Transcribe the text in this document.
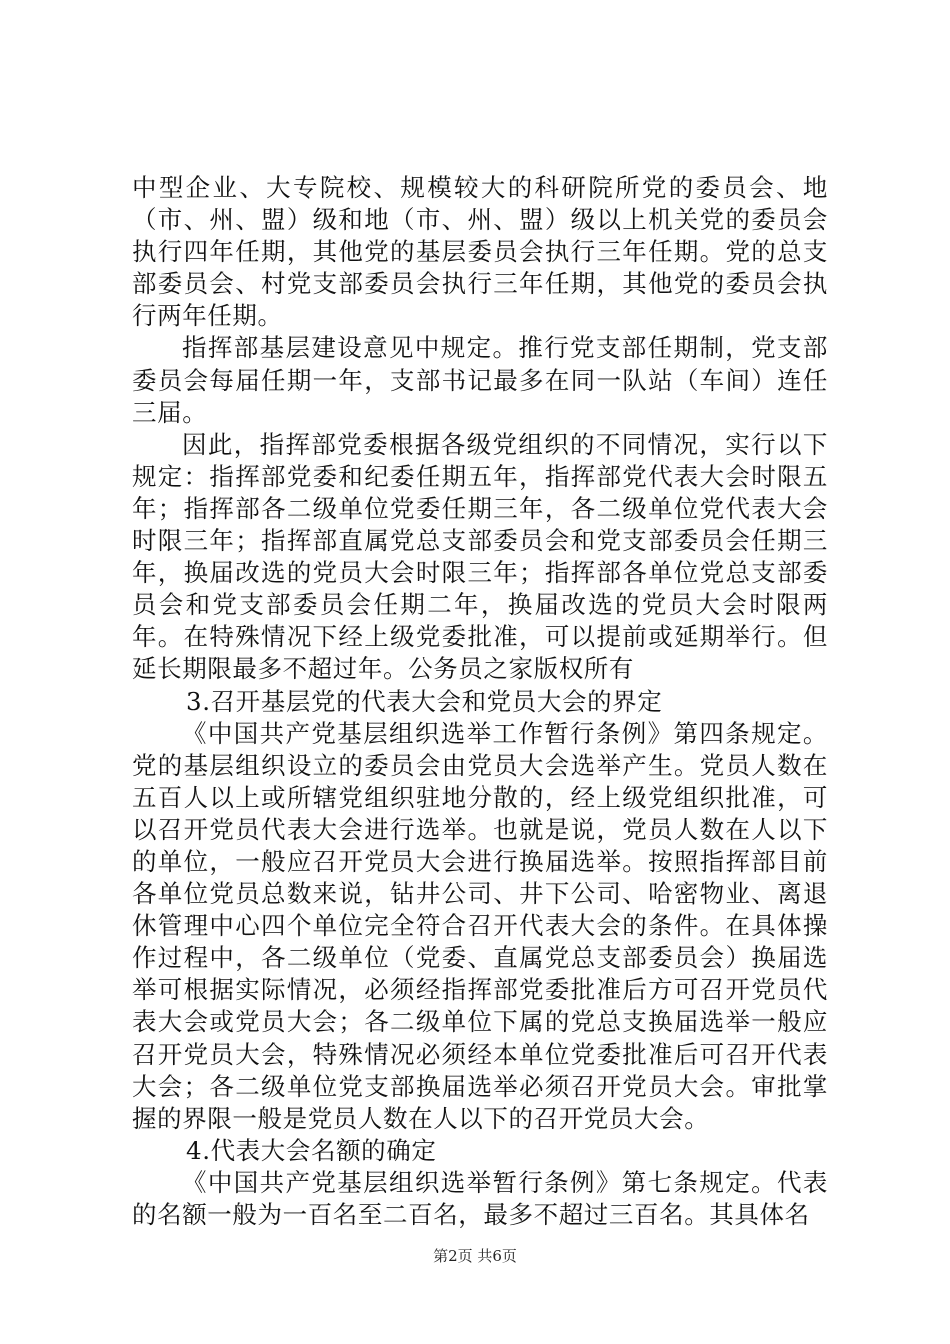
中型企业、大专院校、规模较大的科研院所党的委员会、地（市、州、盟）级和地（市、州、盟）级以上机关党的委员会执行四年任期，其他党的基层委员会执行三年任期。党的总支部委员会、村党支部委员会执行三年任期，其他党的委员会执行两年任期。

指挥部基层建设意见中规定。推行党支部任期制，党支部委员会每届任期一年，支部书记最多在同一队站（车间）连任三届。

因此，指挥部党委根据各级党组织的不同情况，实行以下规定：指挥部党委和纪委任期五年，指挥部党代表大会时限五年；指挥部各二级单位党委任期三年，各二级单位党代表大会时限三年；指挥部直属党总支部委员会和党支部委员会任期三年，换届改选的党员大会时限三年；指挥部各单位党总支部委员会和党支部委员会任期二年，换届改选的党员大会时限两年。在特殊情况下经上级党委批准，可以提前或延期举行。但延长期限最多不超过年。公务员之家版权所有

3.召开基层党的代表大会和党员大会的界定

《中国共产党基层组织选举工作暂行条例》第四条规定。党的基层组织设立的委员会由党员大会选举产生。党员人数在五百人以上或所辖党组织驻地分散的，经上级党组织批准，可以召开党员代表大会进行选举。也就是说，党员人数在人以下的单位，一般应召开党员大会进行换届选举。按照指挥部目前各单位党员总数来说，钻井公司、井下公司、哈密物业、离退休管理中心四个单位完全符合召开代表大会的条件。在具体操作过程中，各二级单位（党委、直属党总支部委员会）换届选举可根据实际情况，必须经指挥部党委批准后方可召开党员代表大会或党员大会；各二级单位下属的党总支换届选举一般应召开党员大会，特殊情况必须经本单位党委批准后可召开代表大会；各二级单位党支部换届选举必须召开党员大会。审批掌握的界限一般是党员人数在人以下的召开党员大会。

4.代表大会名额的确定

《中国共产党基层组织选举暂行条例》第七条规定。代表的名额一般为一百名至二百名，最多不超过三百名。其具体名

第2页 共6页
